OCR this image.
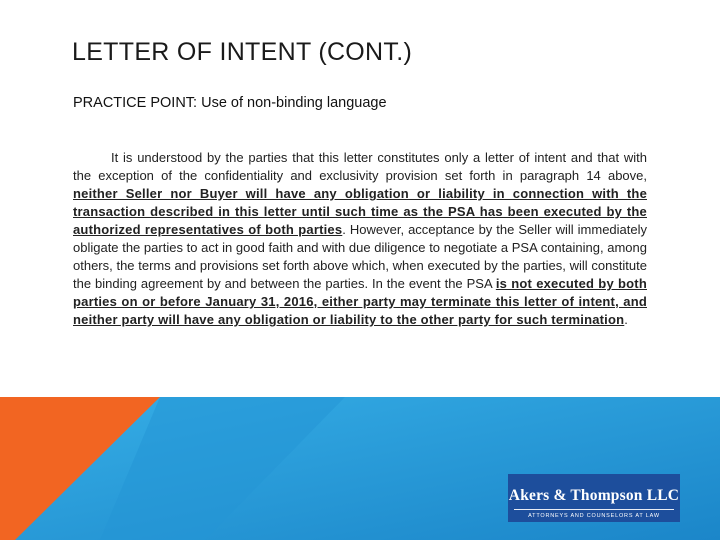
LETTER OF INTENT (CONT.)

PRACTICE POINT: Use of non-binding language

It is understood by the parties that this letter constitutes only a letter of intent and that with the exception of the confidentiality and exclusivity provision set forth in paragraph 14 above, neither Seller nor Buyer will have any obligation or liability in connection with the transaction described in this letter until such time as the PSA has been executed by the authorized representatives of both parties. However, acceptance by the Seller will immediately obligate the parties to act in good faith and with due diligence to negotiate a PSA containing, among others, the terms and provisions set forth above which, when executed by the parties, will constitute the binding agreement by and between the parties. In the event the PSA is not executed by both parties on or before January 31, 2016, either party may terminate this letter of intent, and neither party will have any obligation or liability to the other party for such termination.

Akers & Thompson LLC
ATTORNEYS AND COUNSELORS AT LAW
